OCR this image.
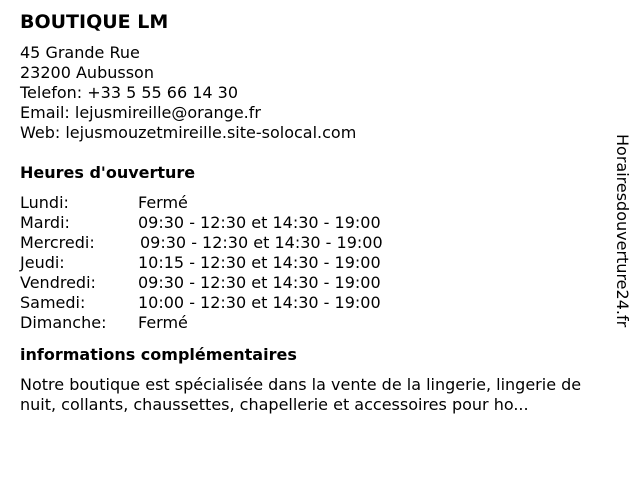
BOUTIQUE LM
45 Grande Rue
23200 Aubusson
Telefon: +33 5 55 66 14 30
Email: lejusmireille@orange.fr
Web: lejusmouzetmireille.site-solocal.com
Heures d'ouverture
Lundi:	Fermé
Mardi:	09:30 - 12:30 et 14:30 - 19:00
Mercredi:	09:30 - 12:30 et 14:30 - 19:00
Jeudi:	10:15 - 12:30 et 14:30 - 19:00
Vendredi:	09:30 - 12:30 et 14:30 - 19:00
Samedi:	10:00 - 12:30 et 14:30 - 19:00
Dimanche:	Fermé
informations complémentaires
Notre boutique est spécialisée dans la vente de la lingerie, lingerie de nuit, collants, chaussettes, chapellerie et accessoires pour ho...
Horairesdouverture24.fr
